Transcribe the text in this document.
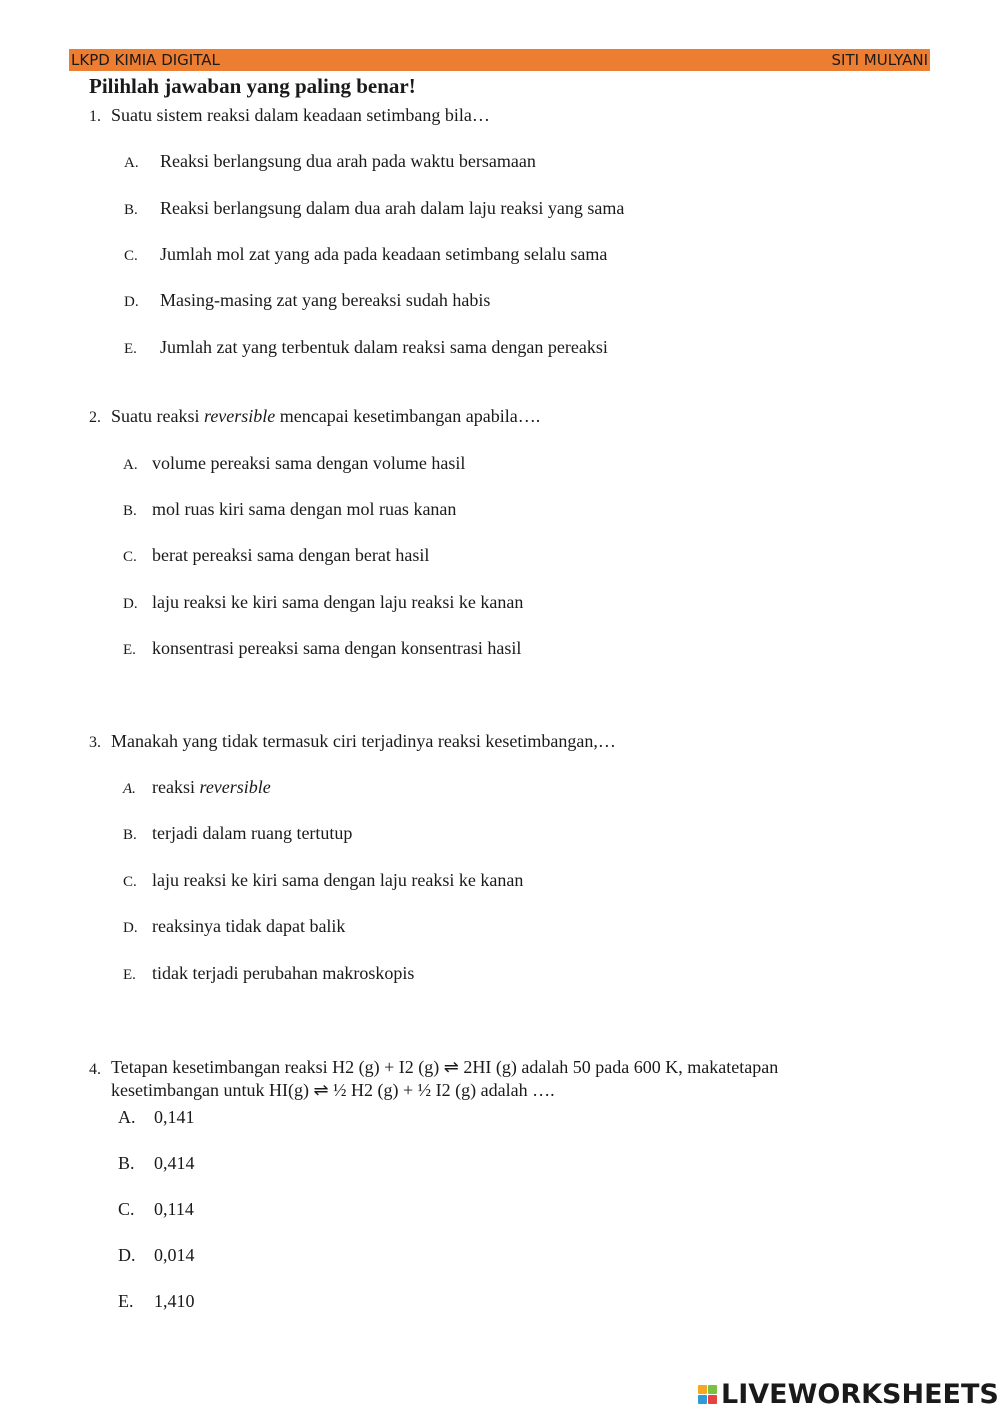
LKPD KIMIA DIGITAL	SITI MULYANI
Pilihlah jawaban yang paling benar!
1. Suatu sistem reaksi dalam keadaan setimbang bila…
A. Reaksi berlangsung dua arah pada waktu bersamaan
B. Reaksi berlangsung dalam dua arah dalam laju reaksi yang sama
C. Jumlah mol zat yang ada pada keadaan setimbang selalu sama
D. Masing-masing zat yang bereaksi sudah habis
E. Jumlah zat yang terbentuk dalam reaksi sama dengan pereaksi
2. Suatu reaksi reversible mencapai kesetimbangan apabila….
A. volume pereaksi sama dengan volume hasil
B. mol ruas kiri sama dengan mol ruas kanan
C. berat pereaksi sama dengan berat hasil
D. laju reaksi ke kiri sama dengan laju reaksi ke kanan
E. konsentrasi pereaksi sama dengan konsentrasi hasil
3. Manakah yang tidak termasuk ciri terjadinya reaksi kesetimbangan,…
A. reaksi reversible
B. terjadi dalam ruang tertutup
C. laju reaksi ke kiri sama dengan laju reaksi ke kanan
D. reaksinya tidak dapat balik
E. tidak terjadi perubahan makroskopis
4. Tetapan kesetimbangan reaksi H2 (g) + I2 (g) ⇌ 2HI (g) adalah 50 pada 600 K, makatetapan
kesetimbangan untuk HI(g) ⇌ ½ H2 (g) + ½ I2 (g) adalah ….
A. 0,141
B. 0,414
C. 0,114
D. 0,014
E. 1,410
LIVEWORKSHEETS
